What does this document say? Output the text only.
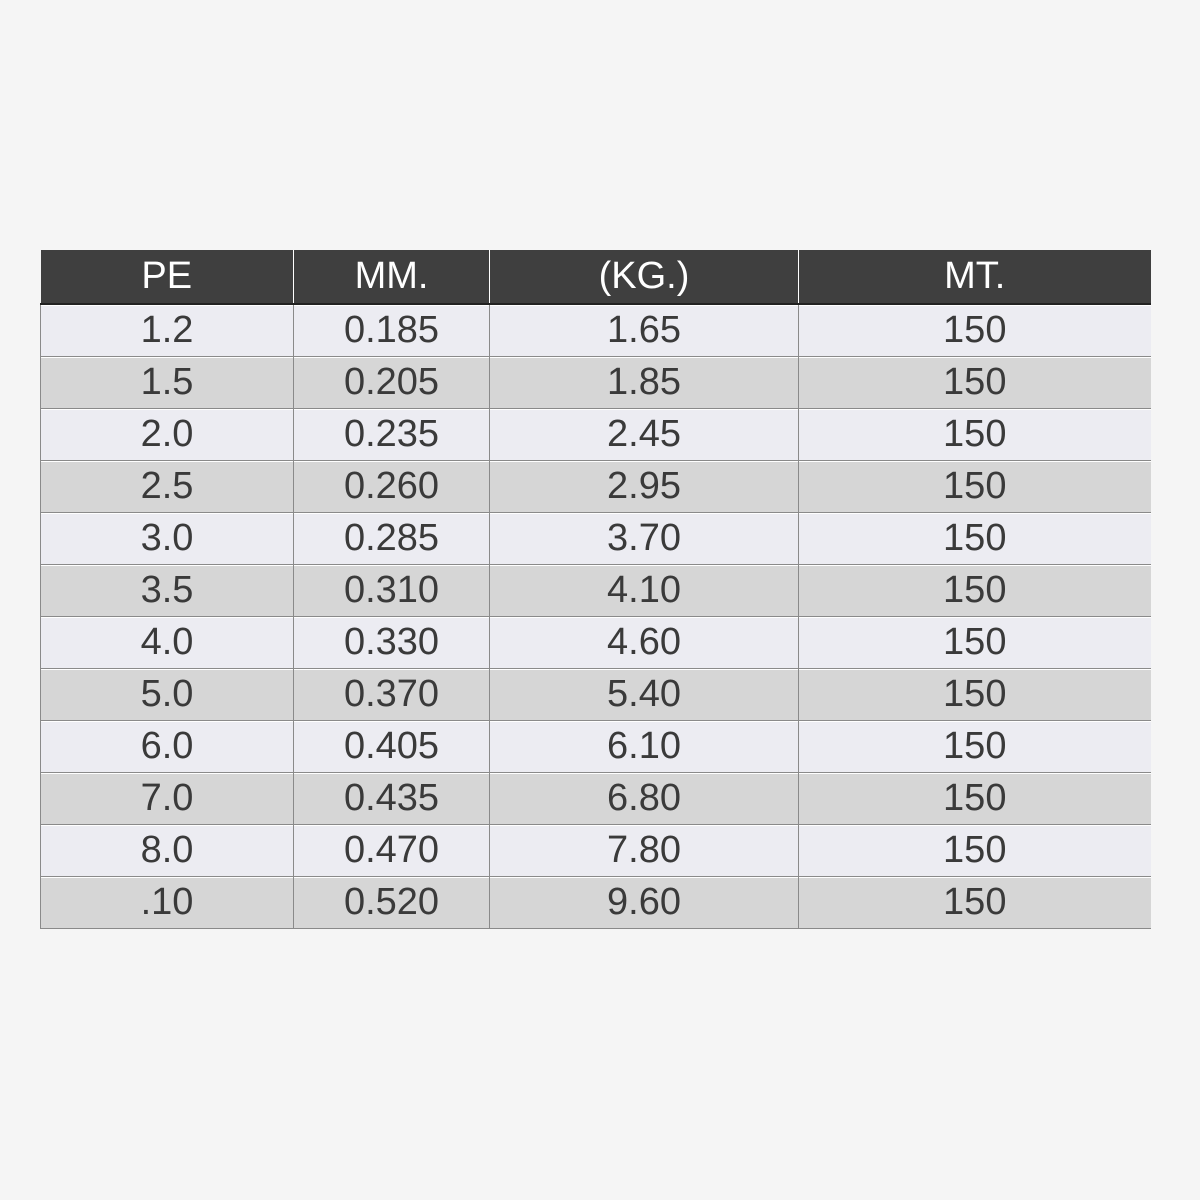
PE	MM.	(KG.)	MT.
1.2	0.185	1.65	150
1.5	0.205	1.85	150
2.0	0.235	2.45	150
2.5	0.260	2.95	150
3.0	0.285	3.70	150
3.5	0.310	4.10	150
4.0	0.330	4.60	150
5.0	0.370	5.40	150
6.0	0.405	6.10	150
7.0	0.435	6.80	150
8.0	0.470	7.80	150
.10	0.520	9.60	150
